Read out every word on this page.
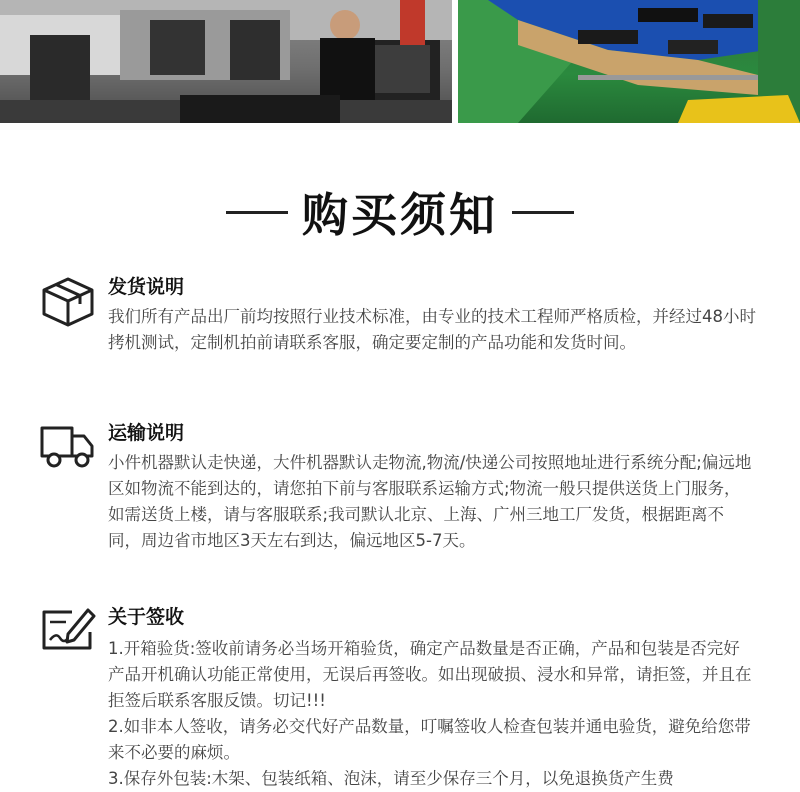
购买须知
发货说明

我们所有产品出厂前均按照行业技术标准，由专业的技术工程师严格质检，并经过48小时拷机测试，定制机拍前请联系客服，确定要定制的产品功能和发货时间。

运输说明

小件机器默认走快递，大件机器默认走物流,物流/快递公司按照地址进行系统分配;偏远地区如物流不能到达的，请您拍下前与客服联系运输方式;物流一般只提供送货上门服务，如需送货上楼，请与客服联系;我司默认北京、上海、广州三地工厂发货，根据距离不同，周边省市地区3天左右到达，偏远地区5-7天。

关于签收

1.开箱验货:签收前请务必当场开箱验货，确定产品数量是否正确，产品和包装是否完好产品开机确认功能正常使用，无误后再签收。如出现破损、浸水和异常，请拒签，并且在拒签后联系客服反馈。切记!!!

2.如非本人签收，请务必交代好产品数量，叮嘱签收人检查包装并通电验货，避免给您带来不必要的麻烦。

3.保存外包装:木架、包装纸箱、泡沫，请至少保存三个月，以免退换货产生费
